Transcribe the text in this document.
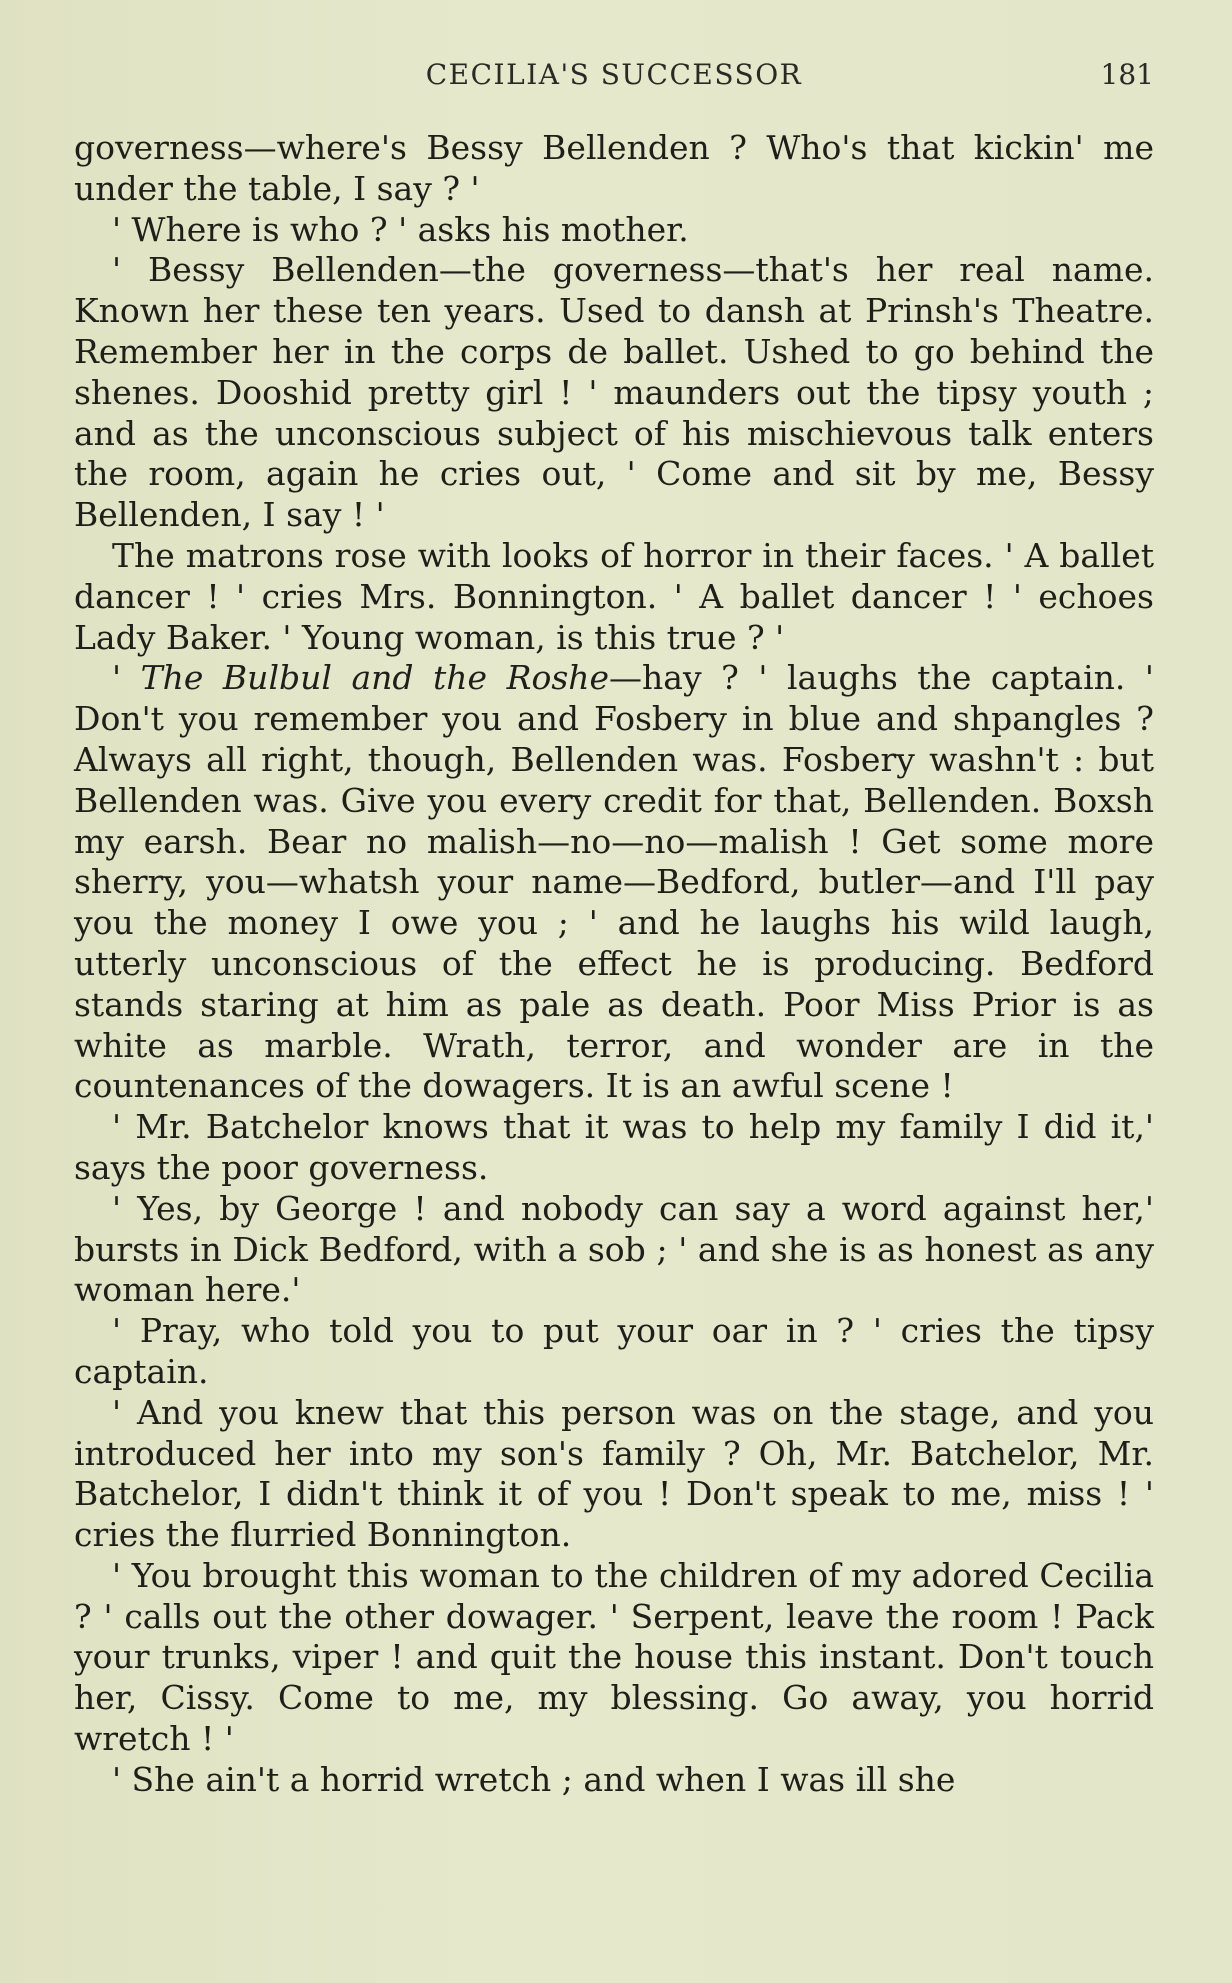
CECILIA'S SUCCESSOR	181

governess—where's Bessy Bellenden ? Who's that kickin' me under the table, I say ? '

' Where is who ? ' asks his mother.

' Bessy Bellenden—the governess—that's her real name. Known her these ten years. Used to dansh at Prinsh's Theatre. Remember her in the corps de ballet. Ushed to go behind the shenes. Dooshid pretty girl ! ' maunders out the tipsy youth ; and as the unconscious subject of his mischievous talk enters the room, again he cries out, ' Come and sit by me, Bessy Bellenden, I say ! '

The matrons rose with looks of horror in their faces. ' A ballet dancer ! ' cries Mrs. Bonnington. ' A ballet dancer ! ' echoes Lady Baker. ' Young woman, is this true ? '

' The Bulbul and the Roshe—hay ? ' laughs the captain. ' Don't you remember you and Fosbery in blue and shpangles ? Always all right, though, Bellenden was. Fosbery washn't : but Bellenden was. Give you every credit for that, Bellenden. Boxsh my earsh. Bear no malish—no—no—malish ! Get some more sherry, you—whatsh your name—Bedford, butler—and I'll pay you the money I owe you ; ' and he laughs his wild laugh, utterly unconscious of the effect he is producing. Bedford stands staring at him as pale as death. Poor Miss Prior is as white as marble. Wrath, terror, and wonder are in the countenances of the dowagers. It is an awful scene !

' Mr. Batchelor knows that it was to help my family I did it,' says the poor governess.

' Yes, by George ! and nobody can say a word against her,' bursts in Dick Bedford, with a sob ; ' and she is as honest as any woman here.'

' Pray, who told you to put your oar in ? ' cries the tipsy captain.

' And you knew that this person was on the stage, and you introduced her into my son's family ? Oh, Mr. Batchelor, Mr. Batchelor, I didn't think it of you ! Don't speak to me, miss ! ' cries the flurried Bonnington.

' You brought this woman to the children of my adored Cecilia ? ' calls out the other dowager. ' Serpent, leave the room ! Pack your trunks, viper ! and quit the house this instant. Don't touch her, Cissy. Come to me, my blessing. Go away, you horrid wretch ! '

' She ain't a horrid wretch ; and when I was ill she
